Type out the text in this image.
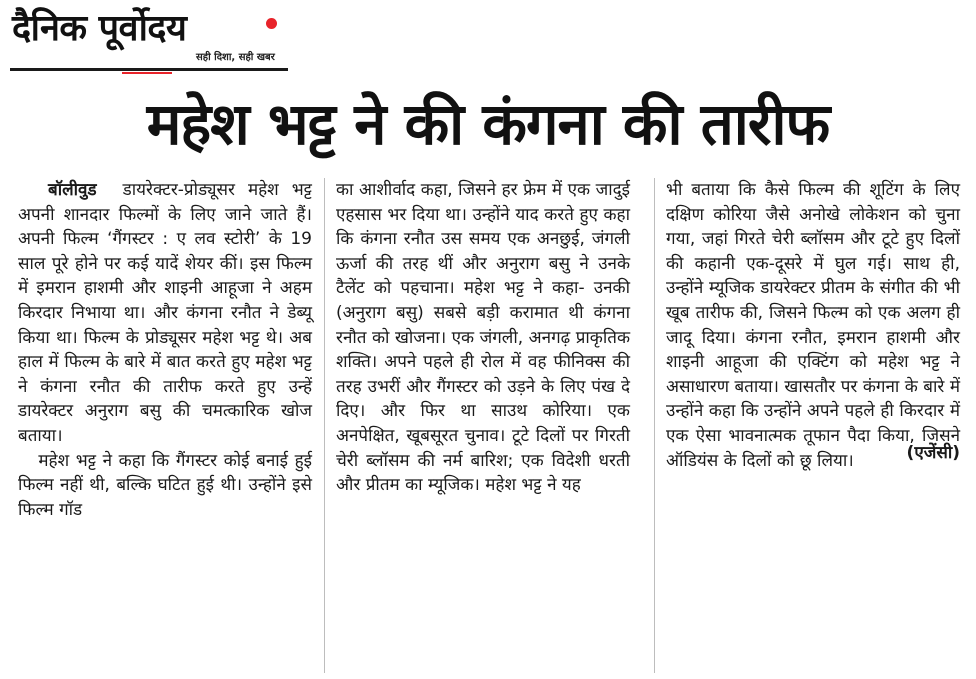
दैनिक पूर्वोदय
सही दिशा, सही खबर
महेश भट्ट ने की कंगना की तारीफ

बॉलीवुड डायरेक्टर-प्रोड्यूसर महेश भट्ट अपनी शानदार फिल्मों के लिए जाने जाते हैं। अपनी फिल्म ‘गैंगस्टर : ए लव स्टोरी’ के 19 साल पूरे होने पर कई यादें शेयर कीं। इस फिल्म में इमरान हाशमी और शाइनी आहूजा ने अहम किरदार निभाया था। और कंगना रनौत ने डेब्यू किया था। फिल्म के प्रोड्यूसर महेश भट्ट थे। अब हाल में फिल्म के बारे में बात करते हुए महेश भट्ट ने कंगना रनौत की तारीफ करते हुए उन्हें डायरेक्टर अनुराग बसु की चमत्कारिक खोज बताया।

महेश भट्ट ने कहा कि गैंगस्टर कोई बनाई हुई फिल्म नहीं थी, बल्कि घटित हुई थी। उन्होंने इसे फिल्म गॉड

का आशीर्वाद कहा, जिसने हर फ्रेम में एक जादुई एहसास भर दिया था। उन्होंने याद करते हुए कहा कि कंगना रनौत उस समय एक अनछुई, जंगली ऊर्जा की तरह थीं और अनुराग बसु ने उनके टैलेंट को पहचाना। महेश भट्ट ने कहा- उनकी (अनुराग बसु) सबसे बड़ी करामात थी कंगना रनौत को खोजना। एक जंगली, अनगढ़ प्राकृतिक शक्ति। अपने पहले ही रोल में वह फीनिक्स की तरह उभरीं और गैंगस्टर को उड़ने के लिए पंख दे दिए। और फिर था साउथ कोरिया। एक अनपेक्षित, खूबसूरत चुनाव। टूटे दिलों पर गिरती चेरी ब्लॉसम की नर्म बारिश; एक विदेशी धरती और प्रीतम का म्यूजिक। महेश भट्ट ने यह

भी बताया कि कैसे फिल्म की शूटिंग के लिए दक्षिण कोरिया जैसे अनोखे लोकेशन को चुना गया, जहां गिरते चेरी ब्लॉसम और टूटे हुए दिलों की कहानी एक-दूसरे में घुल गई। साथ ही, उन्होंने म्यूजिक डायरेक्टर प्रीतम के संगीत की भी खूब तारीफ की, जिसने फिल्म को एक अलग ही जादू दिया। कंगना रनौत, इमरान हाशमी और शाइनी आहूजा की एक्टिंग को महेश भट्ट ने असाधारण बताया। खासतौर पर कंगना के बारे में उन्होंने कहा कि उन्होंने अपने पहले ही किरदार में एक ऐसा भावनात्मक तूफान पैदा किया, जिसने ऑडियंस के दिलों को छू लिया।	(एजेंसी)
